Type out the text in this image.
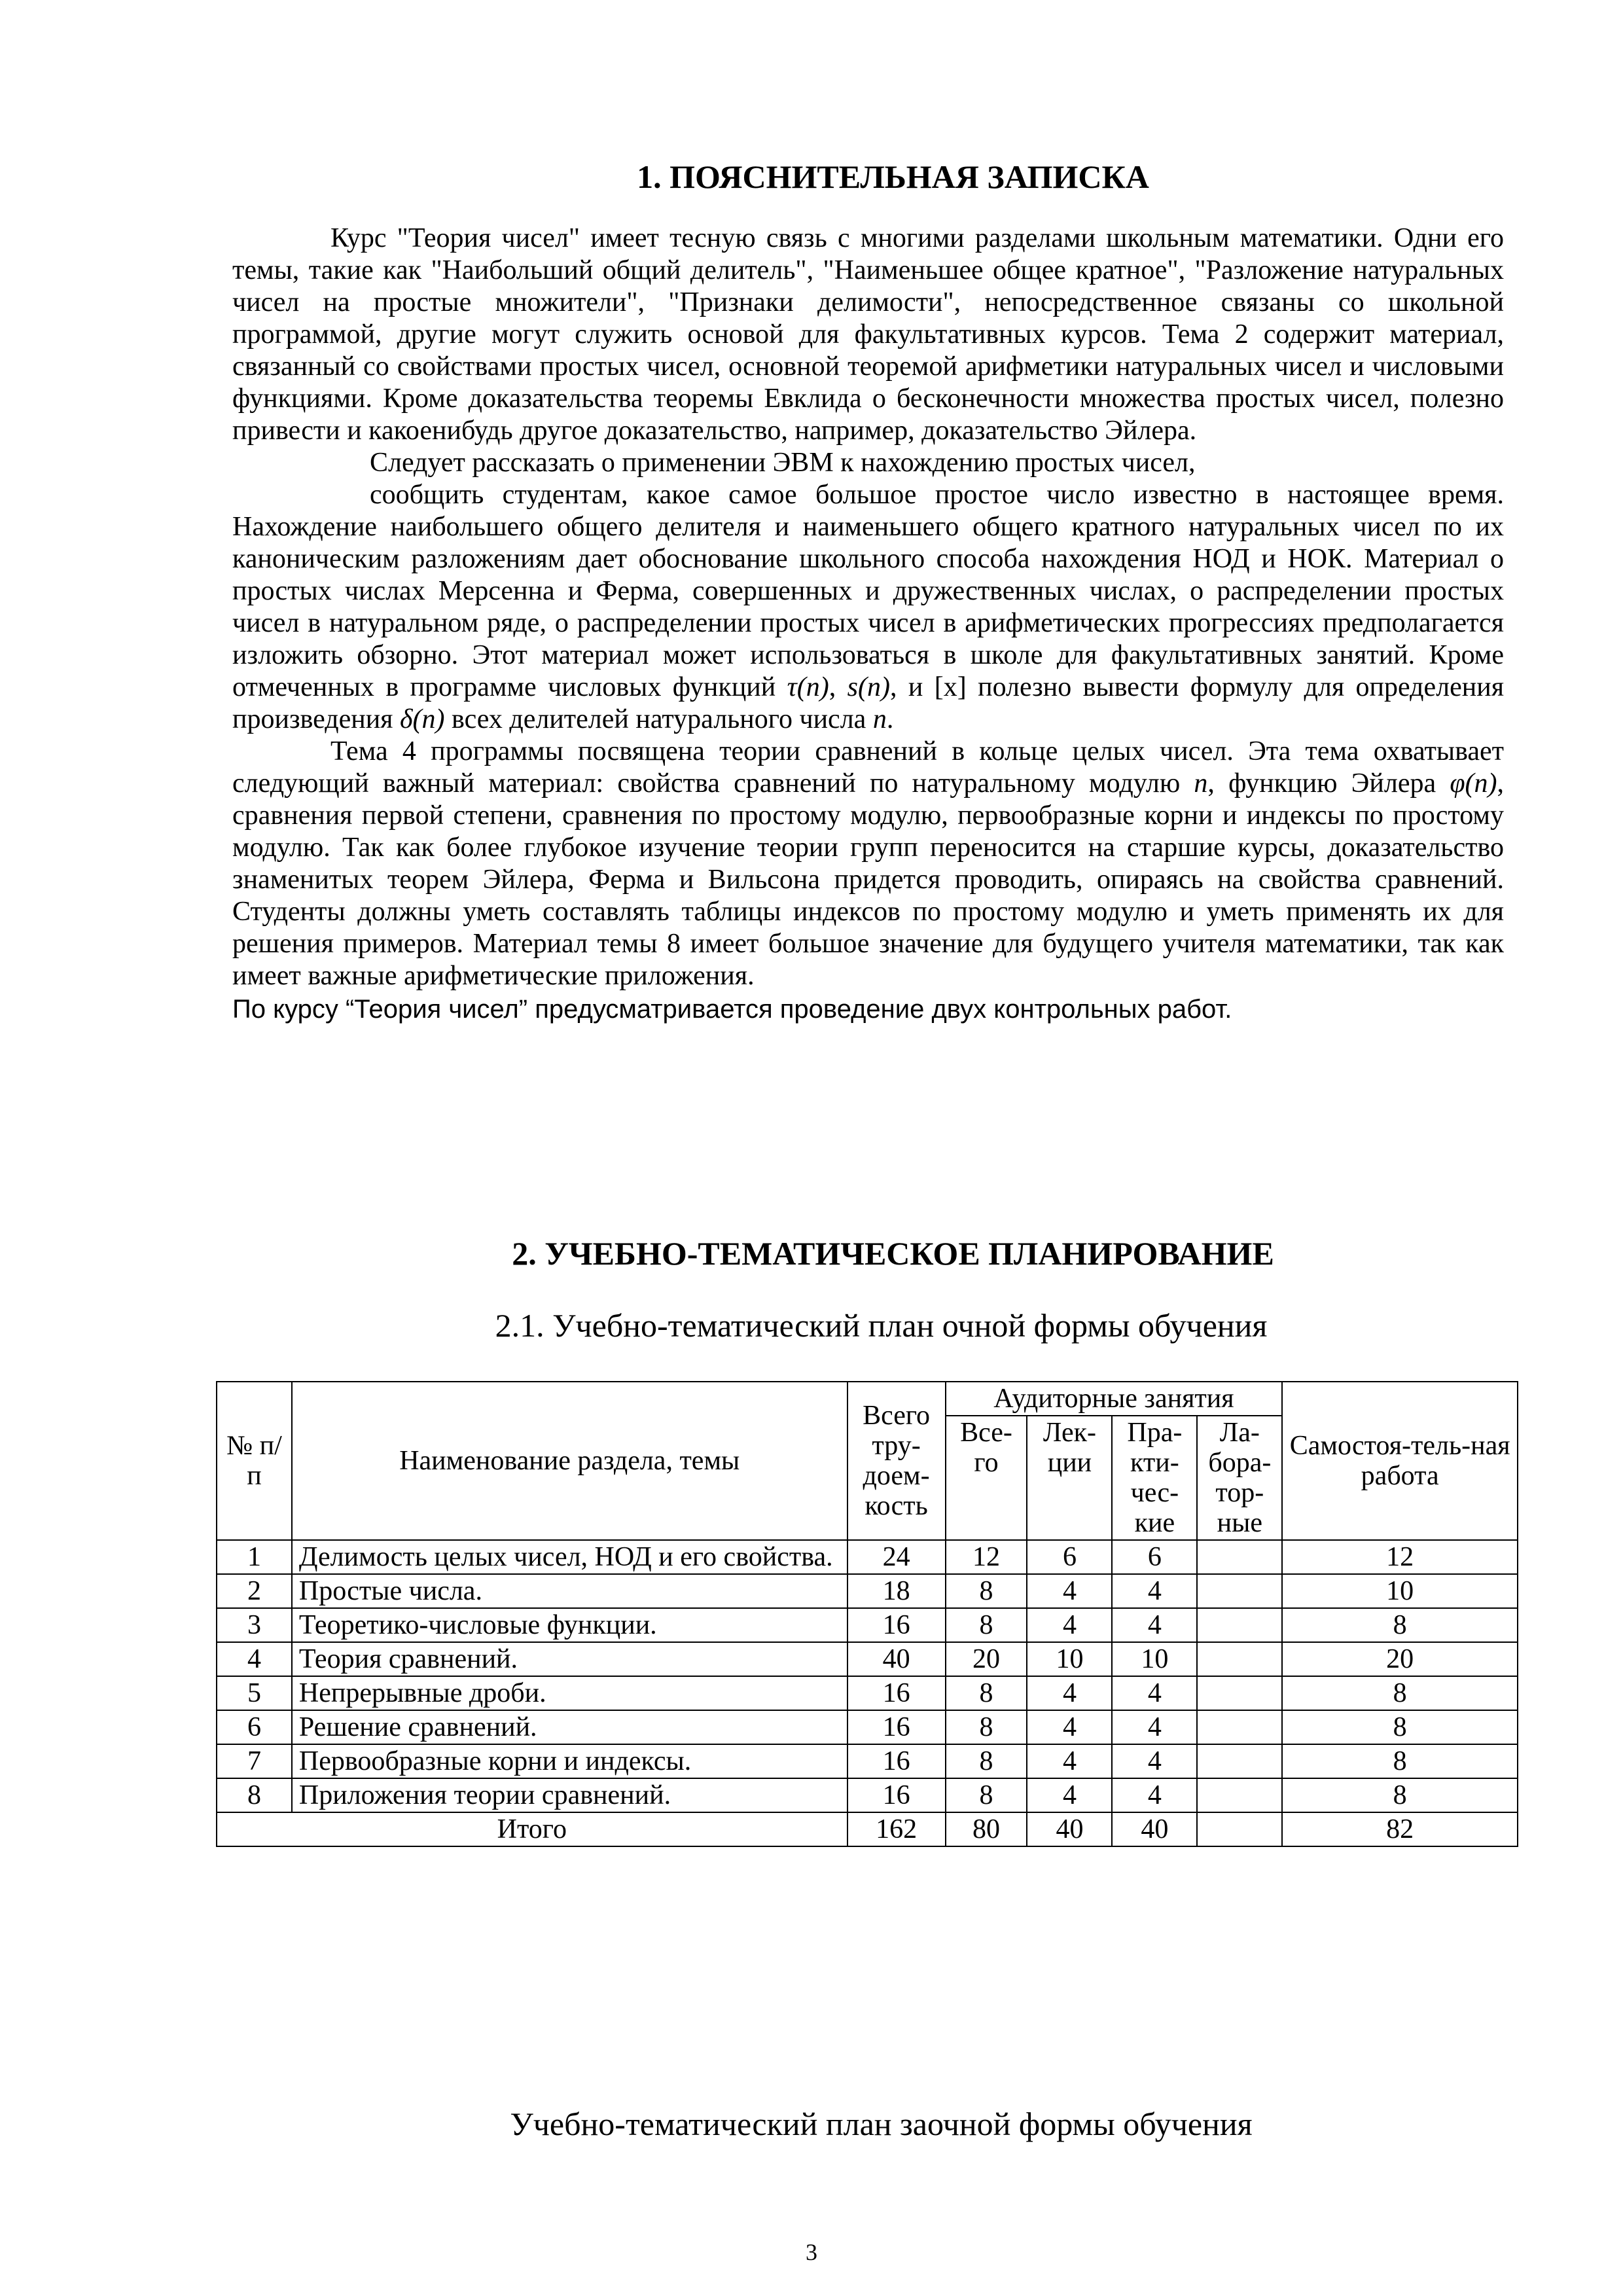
1. ПОЯСНИТЕЛЬНАЯ ЗАПИСКА

Курс "Теория чисел" имеет тесную связь с многими разделами школьным математики. Одни его темы, такие как "Наибольший общий делитель", "Наименьшее общее кратное", "Разложение натуральных чисел на простые множители", "Признаки делимости", непосредственное связаны со школьной программой, другие могут служить основой для факультативных курсов. Тема 2 содержит материал, связанный со свойствами простых чисел, основной теоремой арифметики натуральных чисел и числовыми функциями. Кроме доказательства теоремы Евклида о бесконечности множества простых чисел, полезно привести и какоенибудь другое доказательство, например, доказательство Эйлера.

Следует рассказать о применении ЭВМ к нахождению простых чисел,

сообщить студентам, какое самое большое простое число известно в настоящее время. Нахождение наибольшего общего делителя и наименьшего общего кратного натуральных чисел по их каноническим разложениям дает обоснование школьного способа нахождения НОД и НОК. Материал о простых числах Мерсенна и Ферма, совершенных и дружественных числах, о распределении простых чисел в натуральном ряде, о распределении простых чисел в арифметических прогрессиях предполагается изложить обзорно. Этот материал может использоваться в школе для факультативных занятий. Кроме отмеченных в программе числовых функций τ(n), s(n), и [x] полезно вывести формулу для определения произведения δ(n) всех делителей натурального числа n.

Тема 4 программы посвящена теории сравнений в кольце целых чисел. Эта тема охватывает следующий важный материал: свойства сравнений по натуральному модулю n, функцию Эйлера φ(n), сравнения первой степени, сравнения по простому модулю, первообразные корни и индексы по простому модулю. Так как более глубокое изучение теории групп переносится на старшие курсы, доказательство знаменитых теорем Эйлера, Ферма и Вильсона придется проводить, опираясь на свойства сравнений. Студенты должны уметь составлять таблицы индексов по простому модулю и уметь применять их для решения примеров. Материал темы 8 имеет большое значение для будущего учителя математики, так как имеет важные арифметические приложения.

По курсу “Теория чисел” предусматривается проведение двух контрольных работ.

2. УЧЕБНО-ТЕМАТИЧЕСКОЕ ПЛАНИРОВАНИЕ
2.1. Учебно-тематический план очной формы обучения
№ п/п	Наименование раздела, темы	Всего тру-доем-кость	Аудиторные занятия				Самостоя-тель-ная работа
			Все-го	Лек-ции	Пра-кти-чес-кие	Ла-бора-тор-ные	
1	Делимость целых чисел, НОД и его свойства.	24	12	6	6		12
2	Простые числа.	18	8	4	4		10
3	Теоретико-числовые функции.	16	8	4	4		8
4	Теория сравнений.	40	20	10	10		20
5	Непрерывные дроби.	16	8	4	4		8
6	Решение сравнений.	16	8	4	4		8
7	Первообразные корни и индексы.	16	8	4	4		8
8	Приложения теории сравнений.	16	8	4	4		8
Итого		162	80	40	40		82
Учебно-тематический план заочной формы обучения
3
